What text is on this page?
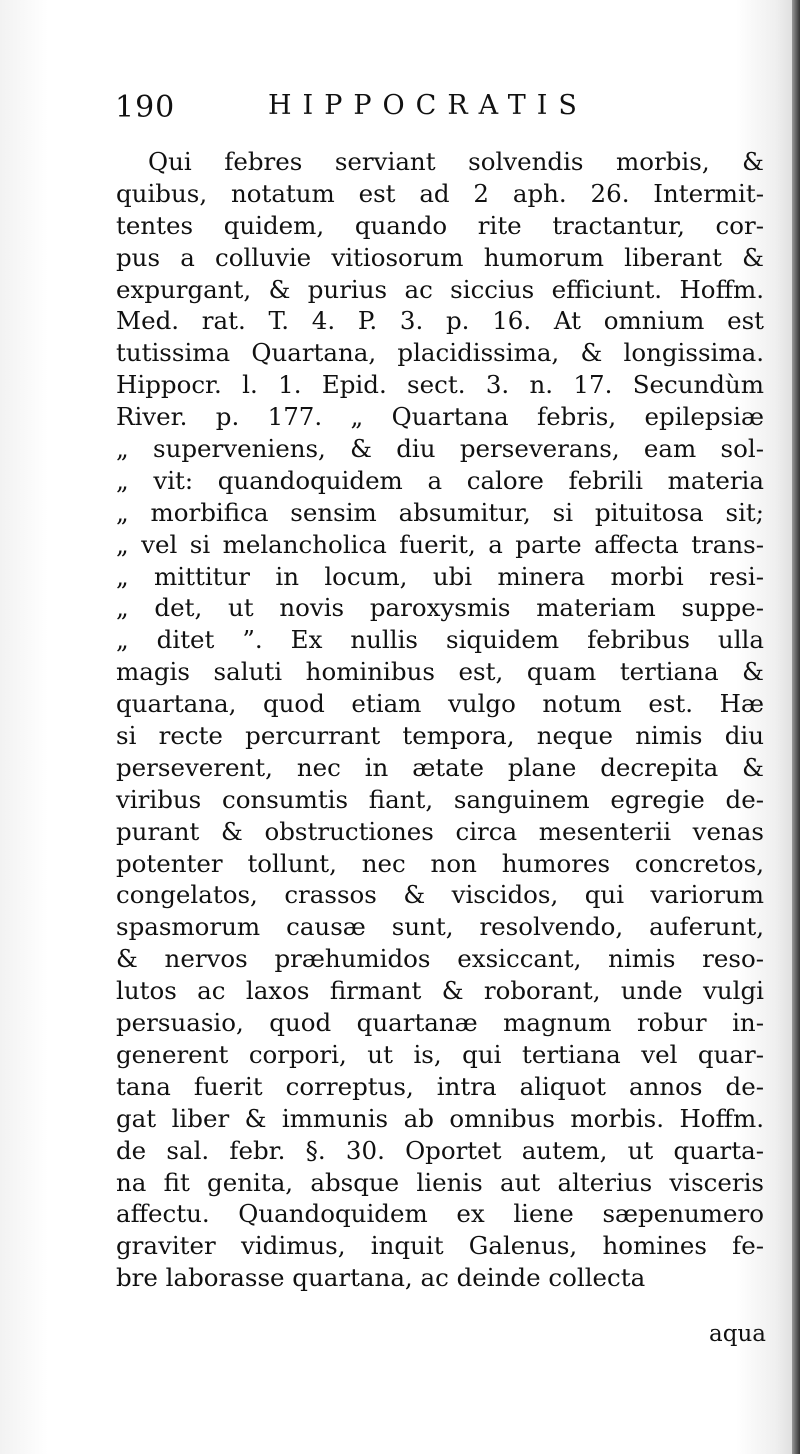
190	HIPPOCRATIS
Qui febres serviant solvendis morbis, &
quibus, notatum est ad 2 aph. 26. Intermit-
tentes quidem, quando rite tractantur, cor-
pus a colluvie vitiosorum humorum liberant &
expurgant, & purius ac siccius efficiunt. Hoffm.
Med. rat. T. 4. P. 3. p. 16. At omnium est
tutissima Quartana, placidissima, & longissima.
Hippocr. l. 1. Epid. sect. 3. n. 17. Secundùm
River. p. 177. „ Quartana febris, epilepsiæ
„ superveniens, & diu perseverans, eam sol-
„ vit: quandoquidem a calore febrili materia
„ morbifica sensim absumitur, si pituitosa sit;
„ vel si melancholica fuerit, a parte affecta trans-
„ mittitur in locum, ubi minera morbi resi-
„ det, ut novis paroxysmis materiam suppe-
„ ditet ”. Ex nullis siquidem febribus ulla
magis saluti hominibus est, quam tertiana &
quartana, quod etiam vulgo notum est. Hæ
si recte percurrant tempora, neque nimis diu
perseverent, nec in ætate plane decrepita &
viribus consumtis fiant, sanguinem egregie de-
purant & obstructiones circa mesenterii venas
potenter tollunt, nec non humores concretos,
congelatos, crassos & viscidos, qui variorum
spasmorum causæ sunt, resolvendo, auferunt,
& nervos præhumidos exsiccant, nimis reso-
lutos ac laxos firmant & roborant, unde vulgi
persuasio, quod quartanæ magnum robur in-
generent corpori, ut is, qui tertiana vel quar-
tana fuerit correptus, intra aliquot annos de-
gat liber & immunis ab omnibus morbis. Hoffm.
de sal. febr. §. 30. Oportet autem, ut quarta-
na fit genita, absque lienis aut alterius visceris
affectu. Quandoquidem ex liene sæpenumero
graviter vidimus, inquit Galenus, homines fe-
bre laborasse quartana, ac deinde collecta
aqua
